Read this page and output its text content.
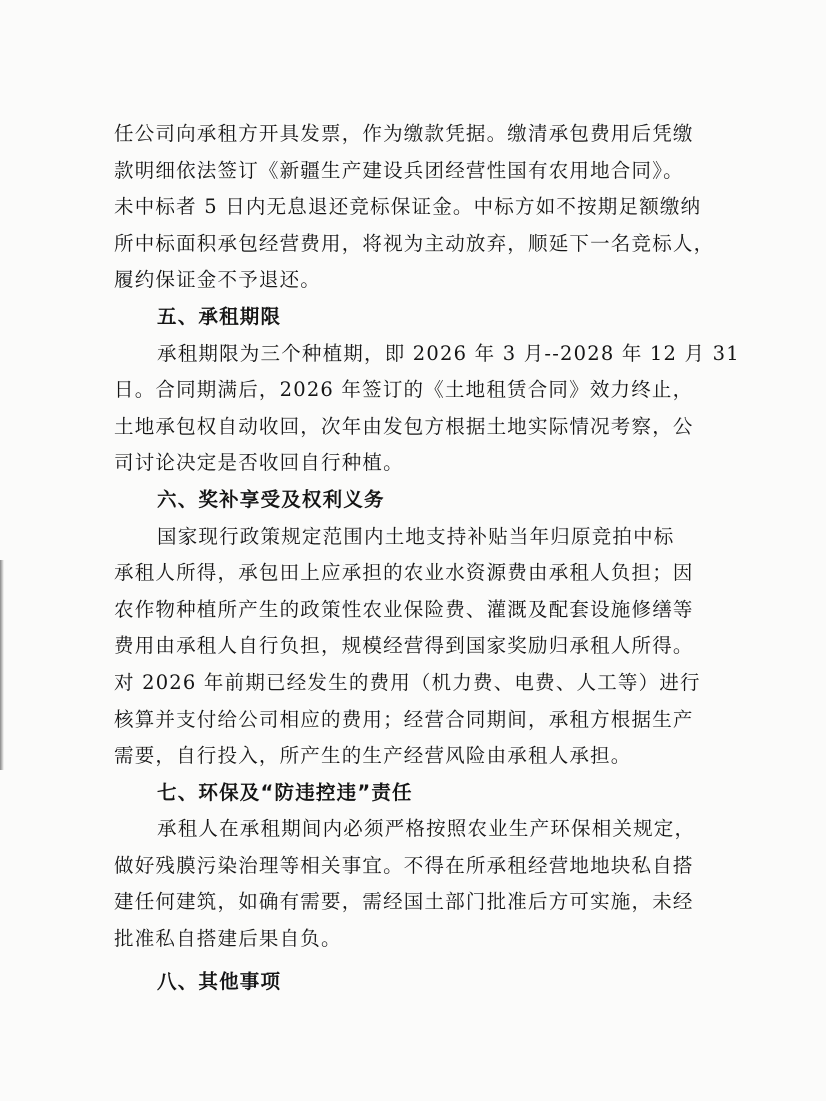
任公司向承租方开具发票，作为缴款凭据。缴清承包费用后凭缴
款明细依法签订《新疆生产建设兵团经营性国有农用地合同》。
未中标者 5 日内无息退还竞标保证金。中标方如不按期足额缴纳
所中标面积承包经营费用，将视为主动放弃，顺延下一名竞标人，
履约保证金不予退还。
五、承租期限
承租期限为三个种植期，即 2026 年 3 月--2028 年 12 月 31
日。合同期满后，2026 年签订的《土地租赁合同》效力终止，
土地承包权自动收回，次年由发包方根据土地实际情况考察，公
司讨论决定是否收回自行种植。
六、奖补享受及权利义务
国家现行政策规定范围内土地支持补贴当年归原竞拍中标
承租人所得，承包田上应承担的农业水资源费由承租人负担；因
农作物种植所产生的政策性农业保险费、灌溉及配套设施修缮等
费用由承租人自行负担，规模经营得到国家奖励归承租人所得。
对 2026 年前期已经发生的费用（机力费、电费、人工等）进行
核算并支付给公司相应的费用；经营合同期间，承租方根据生产
需要，自行投入，所产生的生产经营风险由承租人承担。
七、环保及“防违控违”责任
承租人在承租期间内必须严格按照农业生产环保相关规定，
做好残膜污染治理等相关事宜。不得在所承租经营地地块私自搭
建任何建筑，如确有需要，需经国土部门批准后方可实施，未经
批准私自搭建后果自负。
八、其他事项
